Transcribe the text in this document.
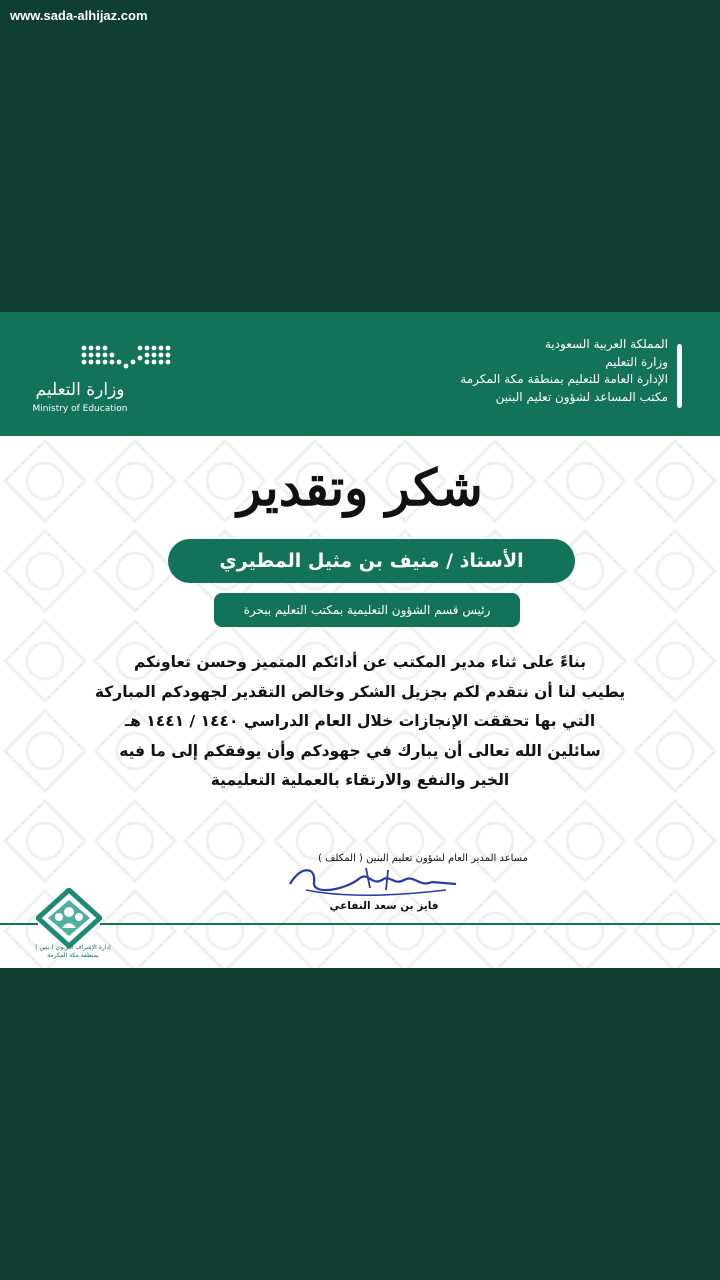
www.sada-alhijaz.com
المملكة العربية السعودية
وزارة التعليم
الإدارة العامة للتعليم بمنطقة مكة المكرمة
مكتب المساعد لشؤون تعليم البنين
وزارة التعليم
Ministry of Education
شكر وتقدير
الأستاذ / منيف بن مثيل المطيري
رئيس قسم الشؤون التعليمية بمكتب التعليم ببحرة
بناءً على ثناء مدير المكتب عن أدائكم المتميز وحسن تعاونكم
يطيب لنا أن نتقدم لكم بجزيل الشكر وخالص التقدير لجهودكم المباركة
التي بها تحققت الإنجازات خلال العام الدراسي ١٤٤٠ / ١٤٤١ هـ
سائلين الله تعالى أن يبارك في جهودكم وأن يوفقكم إلى ما فيه
الخير والنفع والارتقاء بالعملية التعليمية
مساعد المدير العام لشؤون تعليم البنين ( المكلف )
فايز بن سعد النفاعي
إدارة الإشراف التربوي ( بنين ) بمنطقة مكة المكرمة
